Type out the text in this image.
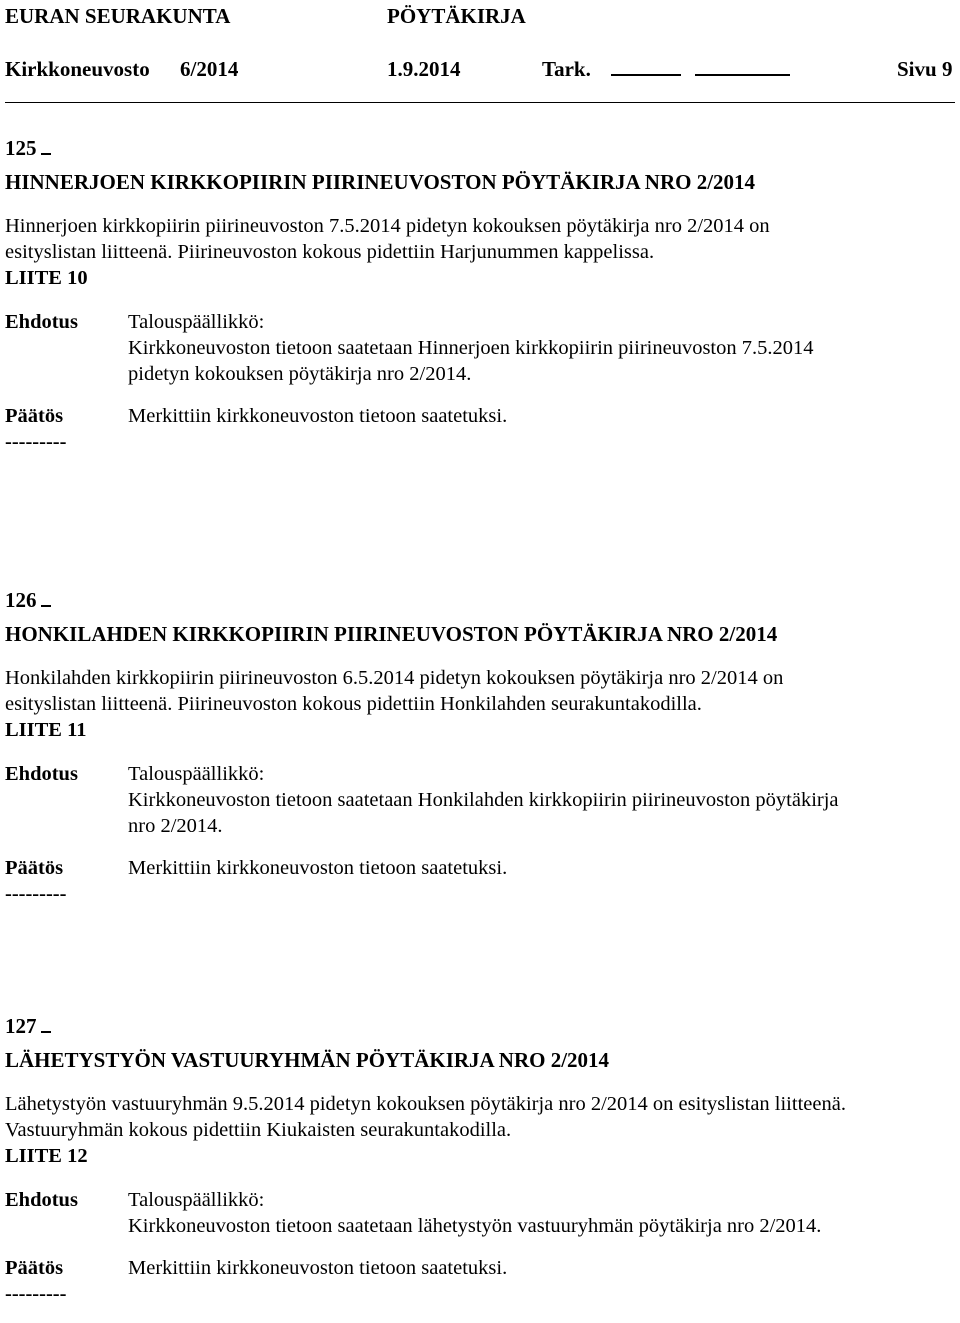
EURAN SEURAKUNTA	PÖYTÄKIRJA
Kirkkoneuvosto 6/2014	1.9.2014	Tark.	Sivu 9
125
HINNERJOEN KIRKKOPIIRIN PIIRINEUVOSTON PÖYTÄKIRJA NRO 2/2014

Hinnerjoen kirkkopiirin piirineuvoston 7.5.2014 pidetyn kokouksen pöytäkirja nro 2/2014 on

esityslistan liitteenä. Piirineuvoston kokous pidettiin Harjunummen kappelissa.

LIITE 10

Ehdotus Talouspäällikkö:

Kirkkoneuvoston tietoon saatetaan Hinnerjoen kirkkopiirin piirineuvoston 7.5.2014

pidetyn kokouksen pöytäkirja nro 2/2014.

Päätös	Merkittiin kirkkoneuvoston tietoon saatetuksi.
---------
126
HONKILAHDEN KIRKKOPIIRIN PIIRINEUVOSTON PÖYTÄKIRJA NRO 2/2014

Honkilahden kirkkopiirin piirineuvoston 6.5.2014 pidetyn kokouksen pöytäkirja nro 2/2014 on

esityslistan liitteenä. Piirineuvoston kokous pidettiin Honkilahden seurakuntakodilla.

LIITE 11

Ehdotus Talouspäällikkö:

Kirkkoneuvoston tietoon saatetaan Honkilahden kirkkopiirin piirineuvoston pöytäkirja

nro 2/2014.

Päätös	Merkittiin kirkkoneuvoston tietoon saatetuksi.
---------
127
LÄHETYSTYÖN VASTUURYHMÄN PÖYTÄKIRJA NRO 2/2014

Lähetystyön vastuuryhmän 9.5.2014 pidetyn kokouksen pöytäkirja nro 2/2014 on esityslistan liitteenä.

Vastuuryhmän kokous pidettiin Kiukaisten seurakuntakodilla.

LIITE 12

Ehdotus Talouspäällikkö:

Kirkkoneuvoston tietoon saatetaan lähetystyön vastuuryhmän pöytäkirja nro 2/2014.

Päätös	Merkittiin kirkkoneuvoston tietoon saatetuksi.
---------
